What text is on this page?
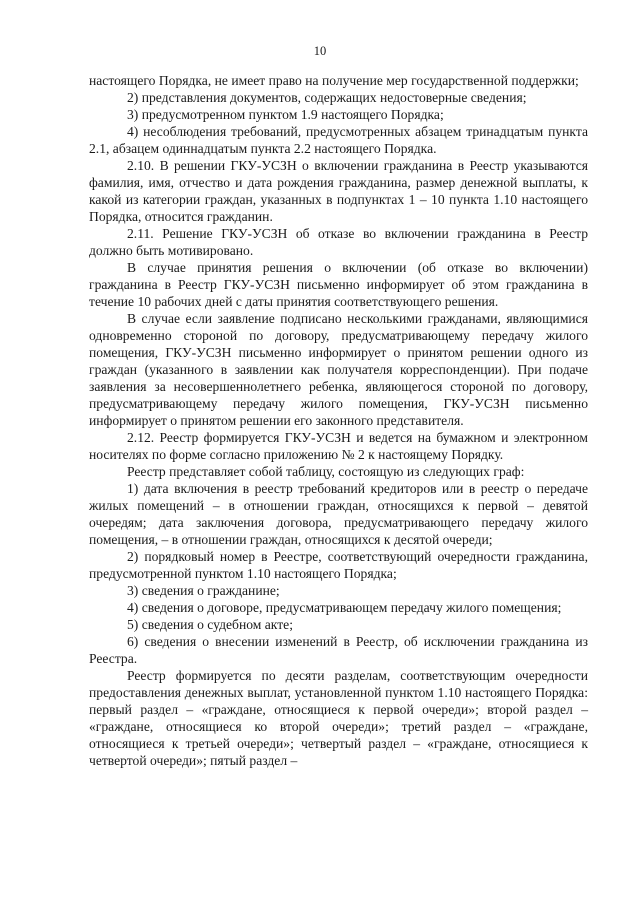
10

настоящего Порядка, не имеет право на получение мер государственной поддержки;

2) представления документов, содержащих недостоверные сведения;

3) предусмотренном пунктом 1.9 настоящего Порядка;

4) несоблюдения требований, предусмотренных абзацем тринадцатым пункта 2.1, абзацем одиннадцатым пункта 2.2 настоящего Порядка.

2.10. В решении ГКУ-УСЗН о включении гражданина в Реестр указываются фамилия, имя, отчество и дата рождения гражданина, размер денежной выплаты, к какой из категории граждан, указанных в подпунктах 1 – 10 пункта 1.10 настоящего Порядка, относится гражданин.

2.11. Решение ГКУ-УСЗН об отказе во включении гражданина в Реестр должно быть мотивировано.

В случае принятия решения о включении (об отказе во включении) гражданина в Реестр ГКУ-УСЗН письменно информирует об этом гражданина в течение 10 рабочих дней с даты принятия соответствующего решения.

В случае если заявление подписано несколькими гражданами, являющимися одновременно стороной по договору, предусматривающему передачу жилого помещения, ГКУ-УСЗН письменно информирует о принятом решении одного из граждан (указанного в заявлении как получателя корреспонденции). При подаче заявления за несовершеннолетнего ребенка, являющегося стороной по договору, предусматривающему передачу жилого помещения, ГКУ-УСЗН письменно информирует о принятом решении его законного представителя.

2.12. Реестр формируется ГКУ-УСЗН и ведется на бумажном и электронном носителях по форме согласно приложению № 2 к настоящему Порядку.

Реестр представляет собой таблицу, состоящую из следующих граф:

1) дата включения в реестр требований кредиторов или в реестр о передаче жилых помещений – в отношении граждан, относящихся к первой – девятой очередям; дата заключения договора, предусматривающего передачу жилого помещения, – в отношении граждан, относящихся к десятой очереди;

2) порядковый номер в Реестре, соответствующий очередности гражданина, предусмотренной пунктом 1.10 настоящего Порядка;

3) сведения о гражданине;

4) сведения о договоре, предусматривающем передачу жилого помещения;

5) сведения о судебном акте;

6) сведения о внесении изменений в Реестр, об исключении гражданина из Реестра.

Реестр формируется по десяти разделам, соответствующим очередности предоставления денежных выплат, установленной пунктом 1.10 настоящего Порядка: первый раздел – «граждане, относящиеся к первой очереди»; второй раздел – «граждане, относящиеся ко второй очереди»; третий раздел – «граждане, относящиеся к третьей очереди»; четвертый раздел – «граждане, относящиеся к четвертой очереди»; пятый раздел –
